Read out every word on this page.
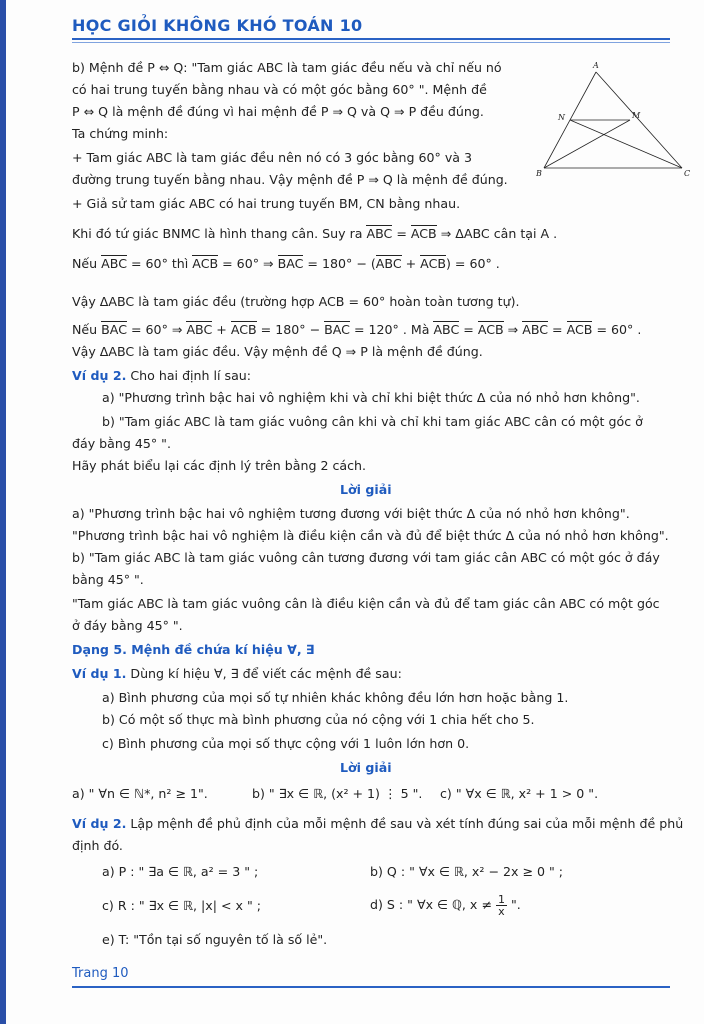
HỌC GIỎI KHÔNG KHÓ TOÁN 10
A
N	M
B	C
b) Mệnh đề P ⇔ Q: "Tam giác ABC là tam giác đều nếu và chỉ nếu nó
có hai trung tuyến bằng nhau và có một góc bằng 60° ". Mệnh đề
P ⇔ Q là mệnh đề đúng vì hai mệnh đề P ⇒ Q và Q ⇒ P đều đúng.
Ta chứng minh:
+ Tam giác ABC là tam giác đều nên nó có 3 góc bằng 60° và 3
đường trung tuyến bằng nhau. Vậy mệnh đề P ⇒ Q là mệnh đề đúng.
+ Giả sử tam giác ABC có hai trung tuyến BM, CN bằng nhau.
Khi đó tứ giác BNMC là hình thang cân. Suy ra ABC = ACB ⇒ ΔABC cân tại A .
Nếu ABC = 60° thì ACB = 60° ⇒ BAC = 180° − (ABC + ACB) = 60° .
Vậy ΔABC là tam giác đều (trường hợp ACB = 60° hoàn toàn tương tự).
Nếu BAC = 60° ⇒ ABC + ACB = 180° − BAC = 120° . Mà ABC = ACB ⇒ ABC = ACB = 60° .
Vậy ΔABC là tam giác đều. Vậy mệnh đề Q ⇒ P là mệnh đề đúng.
Ví dụ 2. Cho hai định lí sau:
a) "Phương trình bậc hai vô nghiệm khi và chỉ khi biệt thức Δ của nó nhỏ hơn không".
b) "Tam giác ABC là tam giác vuông cân khi và chỉ khi tam giác ABC cân có một góc ở
đáy bằng 45° ".
Hãy phát biểu lại các định lý trên bằng 2 cách.
Lời giải
a) "Phương trình bậc hai vô nghiệm tương đương với biệt thức Δ của nó nhỏ hơn không".
"Phương trình bậc hai vô nghiệm là điều kiện cần và đủ để biệt thức Δ của nó nhỏ hơn không".
b) "Tam giác ABC là tam giác vuông cân tương đương với tam giác cân ABC có một góc ở đáy
bằng 45° ".
"Tam giác ABC là tam giác vuông cân là điều kiện cần và đủ để tam giác cân ABC có một góc
ở đáy bằng 45° ".
Dạng 5. Mệnh đề chứa kí hiệu ∀, ∃
Ví dụ 1. Dùng kí hiệu ∀, ∃ để viết các mệnh đề sau:
a) Bình phương của mọi số tự nhiên khác không đều lớn hơn hoặc bằng 1.
b) Có một số thực mà bình phương của nó cộng với 1 chia hết cho 5.
c) Bình phương của mọi số thực cộng với 1 luôn lớn hơn 0.
Lời giải
a) " ∀n ∈ ℕ*, n² ≥ 1".	b) " ∃x ∈ ℝ, (x² + 1) ⋮ 5 ". c) " ∀x ∈ ℝ, x² + 1 > 0 ".
Ví dụ 2. Lập mệnh đề phủ định của mỗi mệnh đề sau và xét tính đúng sai của mỗi mệnh đề phủ
định đó.
a) P : " ∃a ∈ ℝ, a² = 3 " ;	b) Q : " ∀x ∈ ℝ, x² − 2x ≥ 0 " ;
c) R : " ∃x ∈ ℝ, |x| < x " ;	d) S : " ∀x ∈ ℚ, $x \ne \frac{1}{x}$ ".
e) T: "Tồn tại số nguyên tố là số lẻ".
Trang 10
